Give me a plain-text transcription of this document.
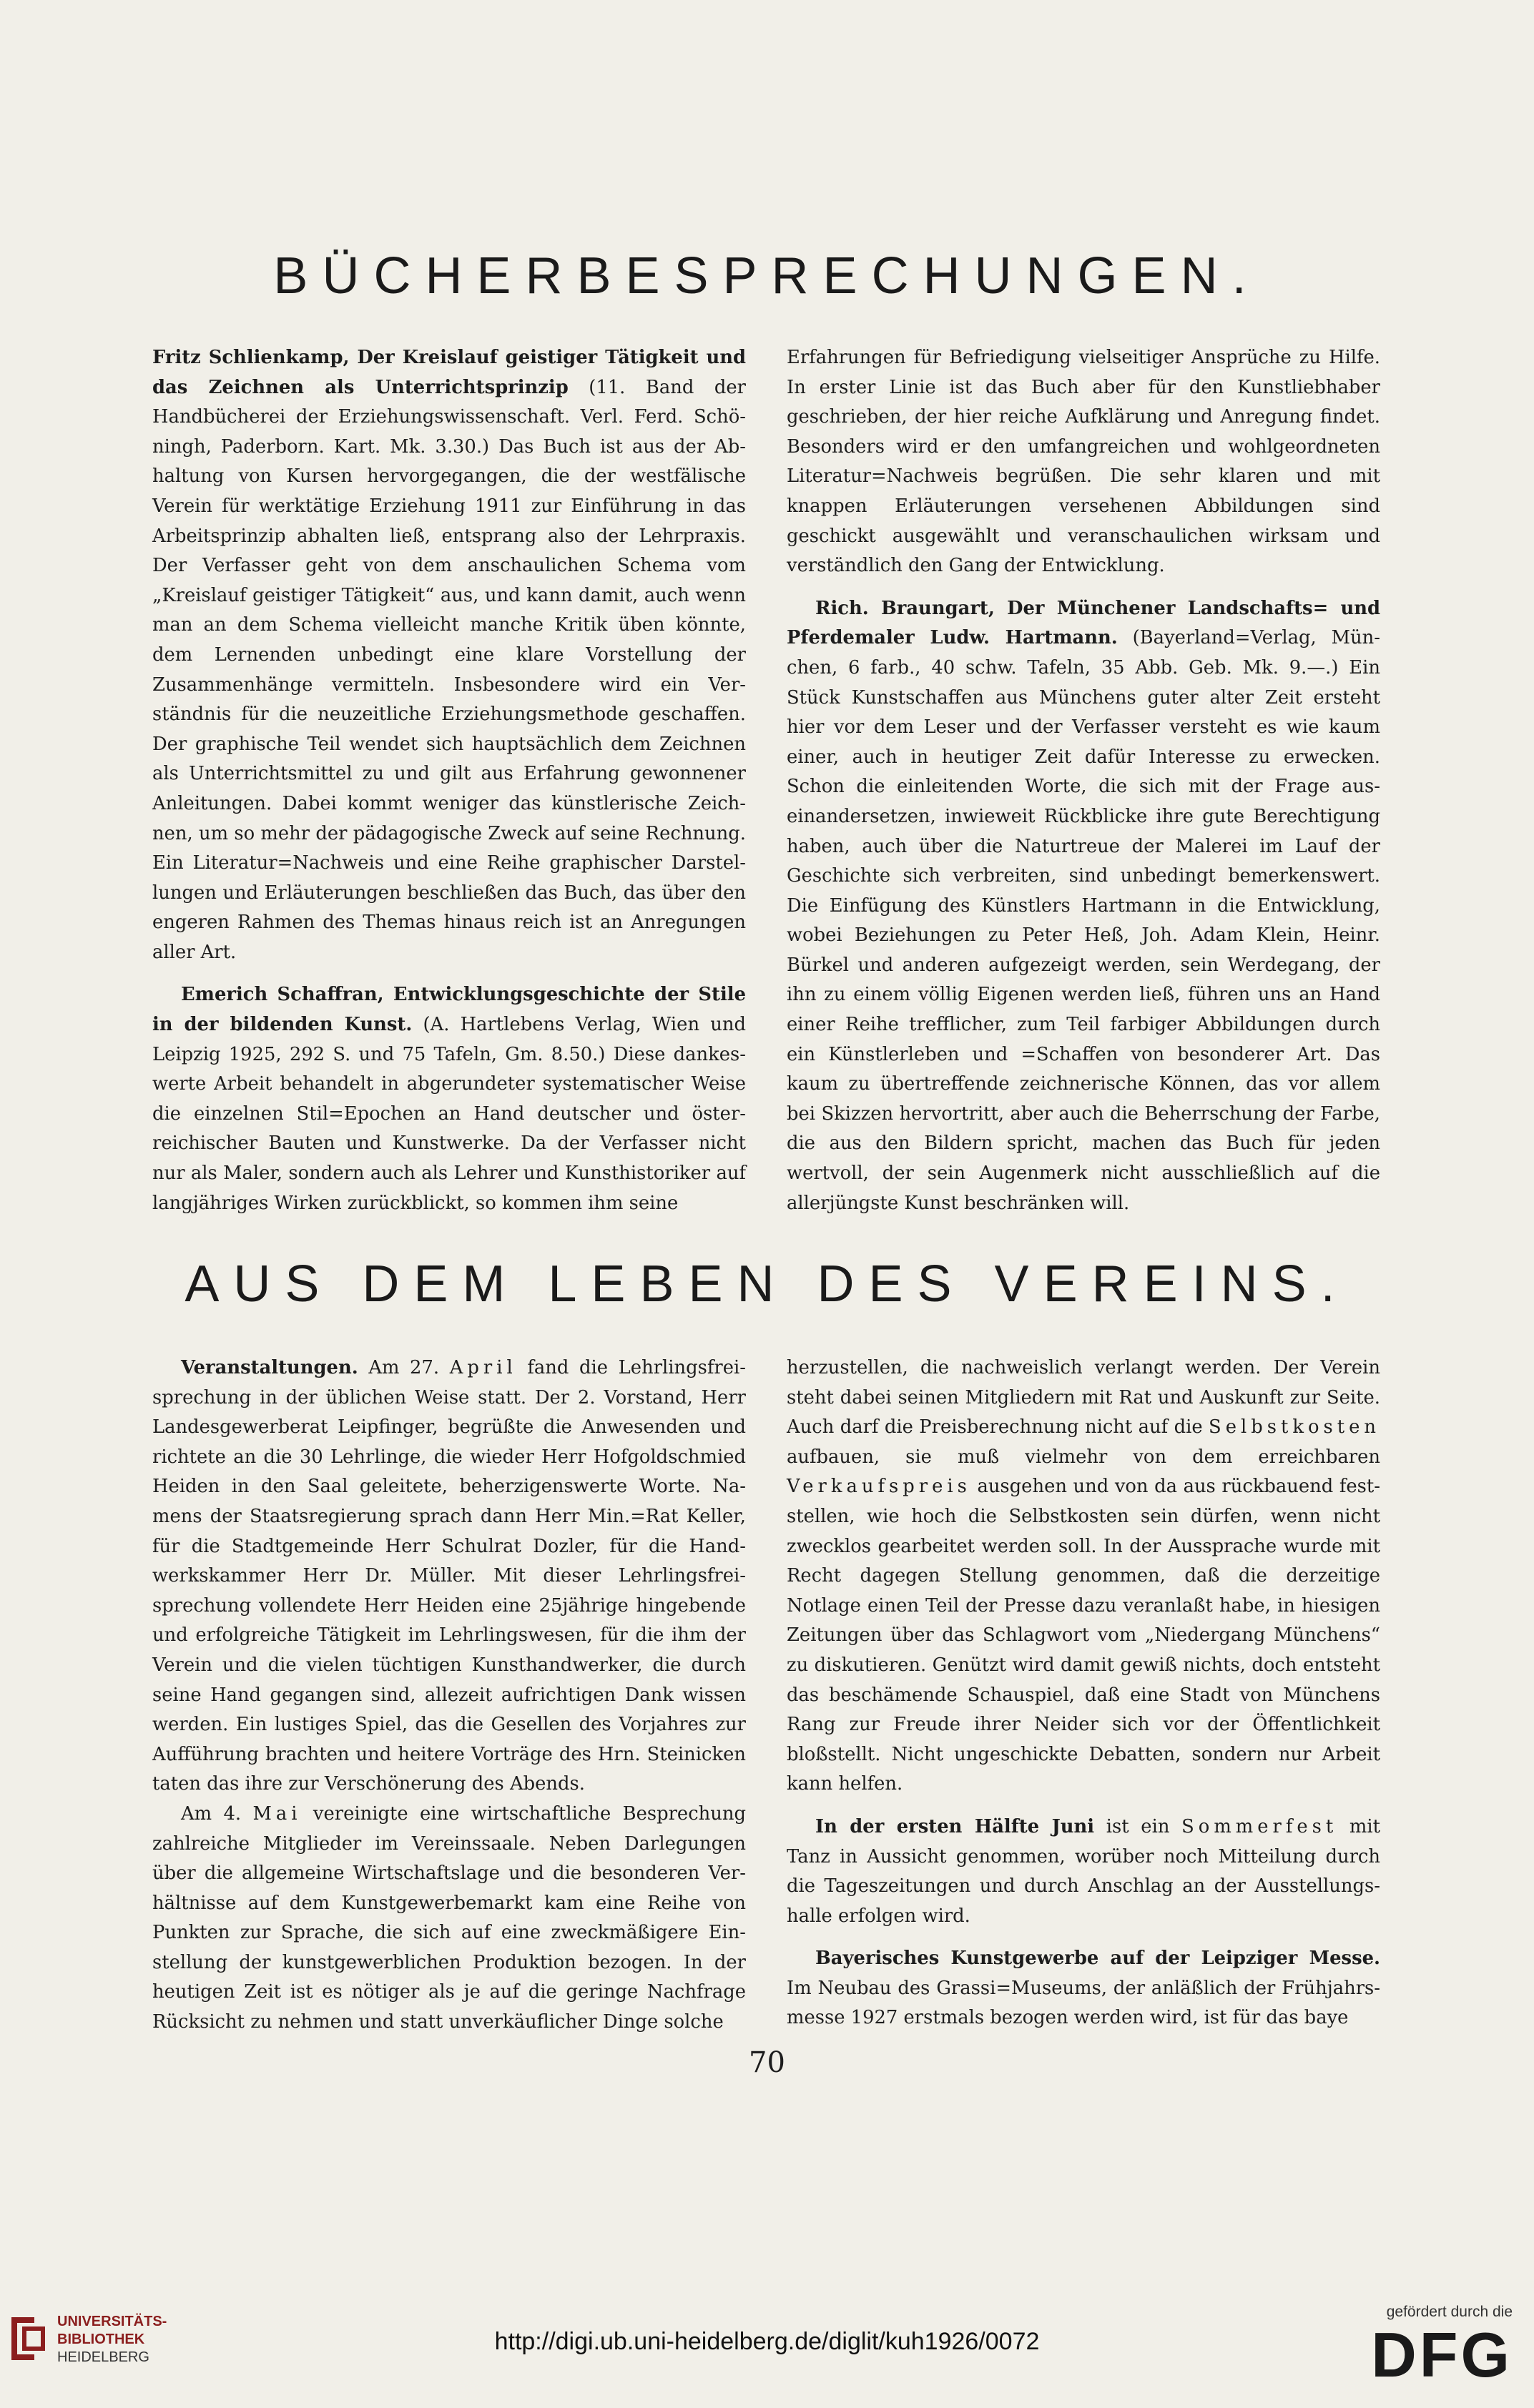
BÜCHERBESPRECHUNGEN.

Fritz Schlienkamp, Der Kreislauf geistiger Tätigkeit und das Zeichnen als Unterrichtsprinzip (11. Band der Handbücherei der Erziehungswissenschaft. Verl. Ferd. Schöningh, Paderborn. Kart. Mk. 3.30.) Das Buch ist aus der Abhaltung von Kursen hervorgegangen, die der westfälische Verein für werktätige Erziehung 1911 zur Einführung in das Arbeitsprinzip abhalten ließ, entsprang also der Lehrpraxis. Der Verfasser geht von dem anschaulichen Schema vom „Kreislauf geistiger Tätigkeit“ aus, und kann damit, auch wenn man an dem Schema vielleicht manche Kritik üben könnte, dem Lernenden unbedingt eine klare Vorstellung der Zusammenhänge vermitteln. Insbesondere wird ein Verständnis für die neuzeitliche Erziehungsmethode geschaffen. Der graphische Teil wendet sich hauptsächlich dem Zeichnen als Unterrichtsmittel zu und gilt aus Erfahrung gewonnener Anleitungen. Dabei kommt weniger das künstlerische Zeichnen, um so mehr der pädagogische Zweck auf seine Rechnung. Ein Literatur=Nachweis und eine Reihe graphischer Darstellungen und Erläuterungen beschließen das Buch, das über den engeren Rahmen des Themas hinaus reich ist an Anregungen aller Art.

Emerich Schaffran, Entwicklungsgeschichte der Stile in der bildenden Kunst. (A. Hartlebens Verlag, Wien und Leipzig 1925, 292 S. und 75 Tafeln, Gm. 8.50.) Diese dankeswerte Arbeit behandelt in abgerundeter systematischer Weise die einzelnen Stil=Epochen an Hand deutscher und österreichischer Bauten und Kunstwerke. Da der Verfasser nicht nur als Maler, sondern auch als Lehrer und Kunsthistoriker auf langjähriges Wirken zurückblickt, so kommen ihm seine

Erfahrungen für Befriedigung vielseitiger Ansprüche zu Hilfe. In erster Linie ist das Buch aber für den Kunstliebhaber geschrieben, der hier reiche Aufklärung und Anregung findet. Besonders wird er den umfangreichen und wohlgeordneten Literatur=Nachweis begrüßen. Die sehr klaren und mit knappen Erläuterungen versehenen Abbildungen sind geschickt ausgewählt und veranschaulichen wirksam und verständlich den Gang der Entwicklung.

Rich. Braungart, Der Münchener Landschafts= und Pferdemaler Ludw. Hartmann. (Bayerland=Verlag, München, 6 farb., 40 schw. Tafeln, 35 Abb. Geb. Mk. 9.—.) Ein Stück Kunstschaffen aus Münchens guter alter Zeit ersteht hier vor dem Leser und der Verfasser versteht es wie kaum einer, auch in heutiger Zeit dafür Interesse zu erwecken. Schon die einleitenden Worte, die sich mit der Frage auseinandersetzen, inwieweit Rückblicke ihre gute Berechtigung haben, auch über die Naturtreue der Malerei im Lauf der Geschichte sich verbreiten, sind unbedingt bemerkenswert. Die Einfügung des Künstlers Hartmann in die Entwicklung, wobei Beziehungen zu Peter Heß, Joh. Adam Klein, Heinr. Bürkel und anderen aufgezeigt werden, sein Werdegang, der ihn zu einem völlig Eigenen werden ließ, führen uns an Hand einer Reihe trefflicher, zum Teil farbiger Abbildungen durch ein Künstlerleben und =Schaffen von besonderer Art. Das kaum zu übertreffende zeichnerische Können, das vor allem bei Skizzen hervortritt, aber auch die Beherrschung der Farbe, die aus den Bildern spricht, machen das Buch für jeden wertvoll, der sein Augenmerk nicht ausschließlich auf die allerjüngste Kunst beschränken will.

AUS DEM LEBEN DES VEREINS.

Veranstaltungen. Am 27. April fand die Lehrlingsfreisprechung in der üblichen Weise statt. Der 2. Vorstand, Herr Landesgewerberat Leipfinger, begrüßte die Anwesenden und richtete an die 30 Lehrlinge, die wieder Herr Hofgoldschmied Heiden in den Saal geleitete, beherzigenswerte Worte. Namens der Staatsregierung sprach dann Herr Min.=Rat Keller, für die Stadtgemeinde Herr Schulrat Dozler, für die Handwerkskammer Herr Dr. Müller. Mit dieser Lehrlingsfreisprechung vollendete Herr Heiden eine 25jährige hingebende und erfolgreiche Tätigkeit im Lehrlingswesen, für die ihm der Verein und die vielen tüchtigen Kunsthandwerker, die durch seine Hand gegangen sind, allezeit aufrichtigen Dank wissen werden. Ein lustiges Spiel, das die Gesellen des Vorjahres zur Aufführung brachten und heitere Vorträge des Hrn. Steinicken taten das ihre zur Verschönerung des Abends.

Am 4. Mai vereinigte eine wirtschaftliche Besprechung zahlreiche Mitglieder im Vereinssaale. Neben Darlegungen über die allgemeine Wirtschaftslage und die besonderen Verhältnisse auf dem Kunstgewerbemarkt kam eine Reihe von Punkten zur Sprache, die sich auf eine zweckmäßigere Einstellung der kunstgewerblichen Produktion bezogen. In der heutigen Zeit ist es nötiger als je auf die geringe Nachfrage Rücksicht zu nehmen und statt unverkäuflicher Dinge solche

herzustellen, die nachweislich verlangt werden. Der Verein steht dabei seinen Mitgliedern mit Rat und Auskunft zur Seite. Auch darf die Preisberechnung nicht auf die Selbstkosten aufbauen, sie muß vielmehr von dem erreichbaren Verkaufspreis ausgehen und von da aus rückbauend feststellen, wie hoch die Selbstkosten sein dürfen, wenn nicht zwecklos gearbeitet werden soll. In der Aussprache wurde mit Recht dagegen Stellung genommen, daß die derzeitige Notlage einen Teil der Presse dazu veranlaßt habe, in hiesigen Zeitungen über das Schlagwort vom „Niedergang Münchens“ zu diskutieren. Genützt wird damit gewiß nichts, doch entsteht das beschämende Schauspiel, daß eine Stadt von Münchens Rang zur Freude ihrer Neider sich vor der Öffentlichkeit bloßstellt. Nicht ungeschickte Debatten, sondern nur Arbeit kann helfen.

In der ersten Hälfte Juni ist ein Sommerfest mit Tanz in Aussicht genommen, worüber noch Mitteilung durch die Tageszeitungen und durch Anschlag an der Ausstellungshalle erfolgen wird.

Bayerisches Kunstgewerbe auf der Leipziger Messe. Im Neubau des Grassi=Museums, der anläßlich der Frühjahrsmesse 1927 erstmals bezogen werden wird, ist für das baye

70
UNIVERSITÄTS-
BIBLIOTHEK
HEIDELBERG
http://digi.ub.uni-heidelberg.de/diglit/kuh1926/0072
gefördert durch die
DFG
